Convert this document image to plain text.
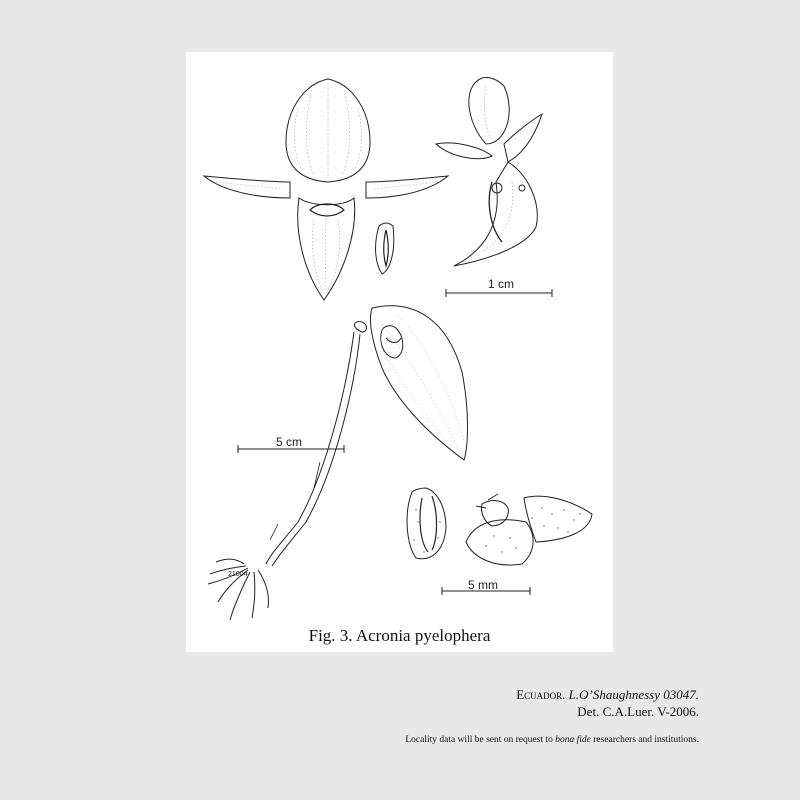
1 cm
5 cm
5 mm
21004
Fig. 3. Acronia pyelophera
Ecuador. L.O’Shaughnessy 03047.
Det. C.A.Luer. V-2006.
Locality data will be sent on request to bona fide researchers and institutions.
